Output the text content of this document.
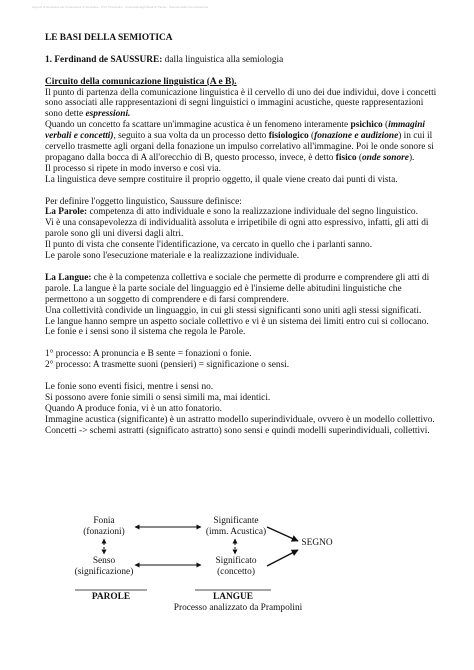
Appunti di Semiotica per Fondamenti di Semiotica - Prof. Prampolini - Università degli Studi di Trieste - Scienze della Comunicazione

LE BASI DELLA SEMIOTICA

1. Ferdinand de SAUSSURE: dalla linguistica alla semiologia

Circuito della comunicazione linguistica (A e B).

Il punto di partenza della comunicazione linguistica è il cervello di uno dei due individui, dove i concetti sono associati alle rappresentazioni di segni linguistici o immagini acustiche, queste rappresentazioni sono dette espressioni.

Quando un concetto fa scattare un'immagine acustica è un fenomeno interamente psichico (immagini verbali e concetti), seguito a sua volta da un processo detto fisiologico (fonazione e audizione) in cui il cervello trasmette agli organi della fonazione un impulso correlativo all'immagine. Poi le onde sonore si propagano dalla bocca di A all'orecchio di B, questo processo, invece, è detto fisico (onde sonore).

Il processo si ripete in modo inverso e così via.

La linguistica deve sempre costituire il proprio oggetto, il quale viene creato dai punti di vista.

Per definire l'oggetto linguistico, Saussure definisce:

La Parole: competenza di atto individuale e sono la realizzazione individuale del segno linguistico.

Vi è una consapevolezza di individualità assoluta e irripetibile di ogni atto espressivo, infatti, gli atti di parole sono gli uni diversi dagli altri.

Il punto di vista che consente l'identificazione, va cercato in quello che i parlanti sanno.

Le parole sono l'esecuzione materiale e la realizzazione individuale.

La Langue: che è la competenza collettiva e sociale che permette di produrre e comprendere gli atti di parole. La langue è la parte sociale del linguaggio ed è l'insieme delle abitudini linguistiche che permettono a un soggetto di comprendere e di farsi comprendere.

Una collettività condivide un linguaggio, in cui gli stessi significanti sono uniti agli stessi significati.

Le langue hanno sempre un aspetto sociale collettivo e vi è un sistema dei limiti entro cui si collocano. Le fonie e i sensi sono il sistema che regola le Parole.

1° processo: A pronuncia e B sente = fonazioni o fonie.

2° processo: A trasmette suoni (pensieri) = significazione o sensi.

Le fonie sono eventi fisici, mentre i sensi no.

Si possono avere fonie simili o sensi simili ma, mai identici.

Quando A produce fonia, vi è un atto fonatorio.

Immagine acustica (significante) è un astratto modello superindividuale, ovvero è un modello collettivo.

Concetti -> schemi astratti (significato astratto) sono sensi e quindi modelli superindividuali, collettivi.

Fonia
(fonazioni)
Senso
(significazione)
Significante
(imm. Acustica)
Significato
(concetto)
SEGNO
PAROLE	LANGUE
Processo analizzato da Prampolini
